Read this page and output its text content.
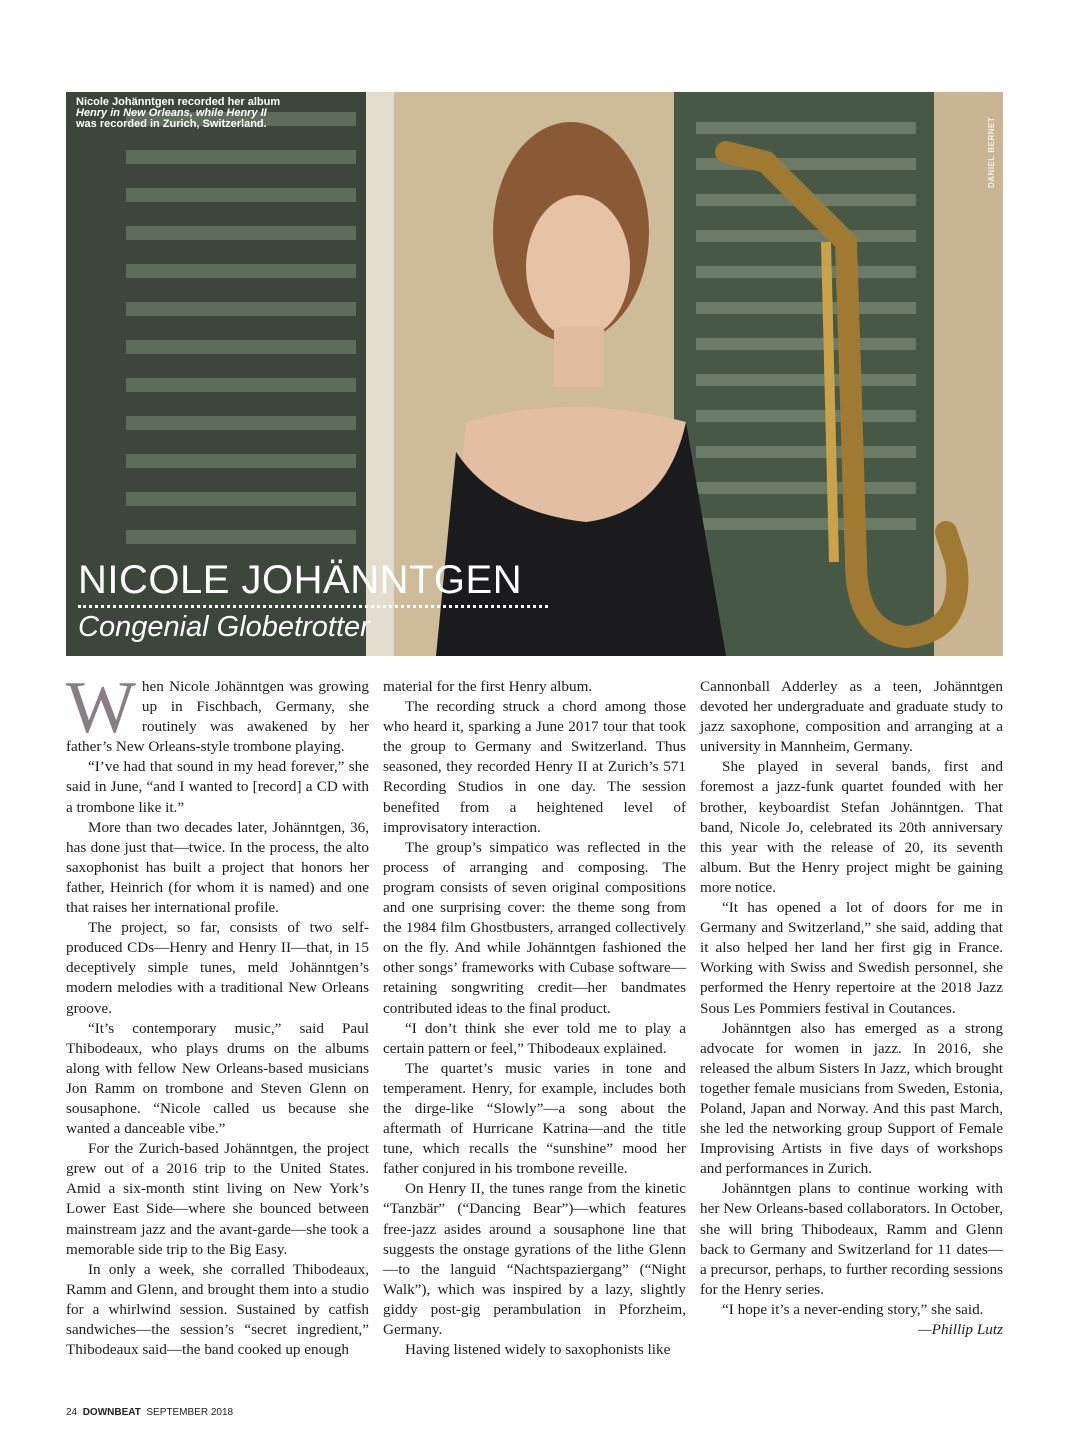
Nicole Johänntgen recorded her album
Henry in New Orleans, while Henry II
was recorded in Zurich, Switzerland.	DANIEL BERNET
NICOLE JOHÄNNTGEN
Congenial Globetrotter

When Nicole Johänntgen was growing up in Fischbach, Germany, she routinely was awakened by her father’s New Orleans-style trombone playing.

“I’ve had that sound in my head forever,” she said in June, “and I wanted to [record] a CD with a trombone like it.”

More than two decades later, Johänntgen, 36, has done just that—twice. In the process, the alto saxophonist has built a project that honors her father, Heinrich (for whom it is named) and one that raises her international profile.

The project, so far, consists of two self-produced CDs—Henry and Henry II—that, in 15 deceptively simple tunes, meld Johänntgen’s modern melodies with a traditional New Orleans groove.

“It’s contemporary music,” said Paul Thibodeaux, who plays drums on the albums along with fellow New Orleans-based musicians Jon Ramm on trombone and Steven Glenn on sousaphone. “Nicole called us because she wanted a danceable vibe.”

For the Zurich-based Johänntgen, the project grew out of a 2016 trip to the United States. Amid a six-month stint living on New York’s Lower East Side—where she bounced between mainstream jazz and the avant-garde—she took a memorable side trip to the Big Easy.

In only a week, she corralled Thibodeaux, Ramm and Glenn, and brought them into a studio for a whirlwind session. Sustained by catfish sandwiches—the session’s “secret ingredient,” Thibodeaux said—the band cooked up enough

material for the first Henry album.

The recording struck a chord among those who heard it, sparking a June 2017 tour that took the group to Germany and Switzerland. Thus seasoned, they recorded Henry II at Zurich’s 571 Recording Studios in one day. The session benefited from a heightened level of improvisatory interaction.

The group’s simpatico was reflected in the process of arranging and composing. The program consists of seven original compositions and one surprising cover: the theme song from the 1984 film Ghostbusters, arranged collectively on the fly. And while Johänntgen fashioned the other songs’ frameworks with Cubase software—retaining songwriting credit—her bandmates contributed ideas to the final product.

“I don’t think she ever told me to play a certain pattern or feel,” Thibodeaux explained.

The quartet’s music varies in tone and temperament. Henry, for example, includes both the dirge-like “Slowly”—a song about the aftermath of Hurricane Katrina—and the title tune, which recalls the “sunshine” mood her father conjured in his trombone reveille.

On Henry II, the tunes range from the kinetic “Tanzbär” (“Dancing Bear”)—which features free-jazz asides around a sousaphone line that suggests the onstage gyrations of the lithe Glenn—to the languid “Nachtspaziergang” (“Night Walk”), which was inspired by a lazy, slightly giddy post-gig perambulation in Pforzheim, Germany.

Having listened widely to saxophonists like

Cannonball Adderley as a teen, Johänntgen devoted her undergraduate and graduate study to jazz saxophone, composition and arranging at a university in Mannheim, Germany.

She played in several bands, first and foremost a jazz-funk quartet founded with her brother, keyboardist Stefan Johänntgen. That band, Nicole Jo, celebrated its 20th anniversary this year with the release of 20, its seventh album. But the Henry project might be gaining more notice.

“It has opened a lot of doors for me in Germany and Switzerland,” she said, adding that it also helped her land her first gig in France. Working with Swiss and Swedish personnel, she performed the Henry repertoire at the 2018 Jazz Sous Les Pommiers festival in Coutances.

Johänntgen also has emerged as a strong advocate for women in jazz. In 2016, she released the album Sisters In Jazz, which brought together female musicians from Sweden, Estonia, Poland, Japan and Norway. And this past March, she led the networking group Support of Female Improvising Artists in five days of workshops and performances in Zurich.

Johänntgen plans to continue working with her New Orleans-based collaborators. In October, she will bring Thibodeaux, Ramm and Glenn back to Germany and Switzerland for 11 dates—a precursor, perhaps, to further recording sessions for the Henry series.

“I hope it’s a never-ending story,” she said.

—Phillip Lutz

24 DOWNBEAT SEPTEMBER 2018
